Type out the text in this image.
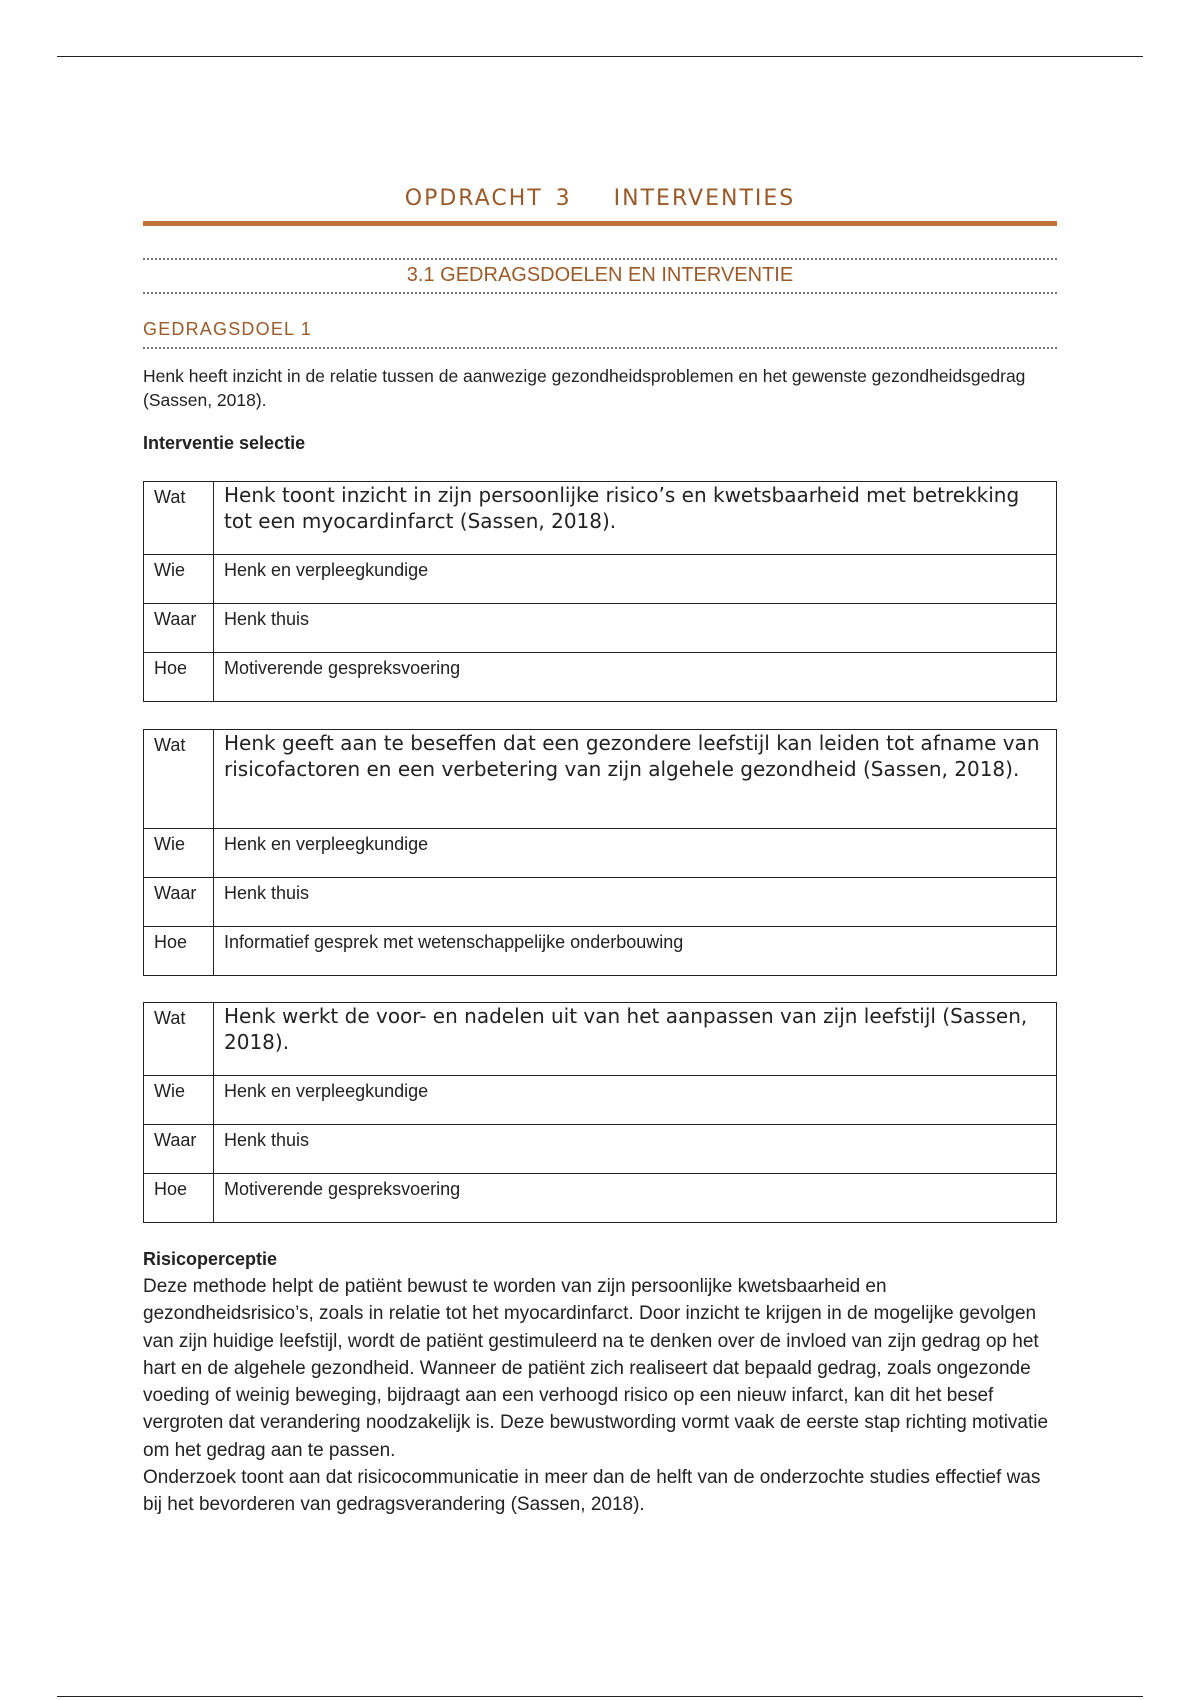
OPDRACHT 3 INTERVENTIES
3.1 GEDRAGSDOELEN EN INTERVENTIE
GEDRAGSDOEL 1
Henk heeft inzicht in de relatie tussen de aanwezige gezondheidsproblemen en het gewenste gezondheidsgedrag (Sassen, 2018).
Interventie selectie
Wat	Henk toont inzicht in zijn persoonlijke risico’s en kwetsbaarheid met betrekking tot een myocardinfarct (Sassen, 2018).
Wie	Henk en verpleegkundige
Waar	Henk thuis
Hoe	Motiverende gespreksvoering
Wat	Henk geeft aan te beseffen dat een gezondere leefstijl kan leiden tot afname van risicofactoren en een verbetering van zijn algehele gezondheid (Sassen, 2018).
Wie	Henk en verpleegkundige
Waar	Henk thuis
Hoe	Informatief gesprek met wetenschappelijke onderbouwing
Wat	Henk werkt de voor- en nadelen uit van het aanpassen van zijn leefstijl (Sassen, 2018).
Wie	Henk en verpleegkundige
Waar	Henk thuis
Hoe	Motiverende gespreksvoering
Risicoperceptie

Deze methode helpt de patiënt bewust te worden van zijn persoonlijke kwetsbaarheid en gezondheidsrisico’s, zoals in relatie tot het myocardinfarct. Door inzicht te krijgen in de mogelijke gevolgen van zijn huidige leefstijl, wordt de patiënt gestimuleerd na te denken over de invloed van zijn gedrag op het hart en de algehele gezondheid. Wanneer de patiënt zich realiseert dat bepaald gedrag, zoals ongezonde voeding of weinig beweging, bijdraagt aan een verhoogd risico op een nieuw infarct, kan dit het besef vergroten dat verandering noodzakelijk is. Deze bewustwording vormt vaak de eerste stap richting motivatie om het gedrag aan te passen.

Onderzoek toont aan dat risicocommunicatie in meer dan de helft van de onderzochte studies effectief was bij het bevorderen van gedragsverandering (Sassen, 2018).
